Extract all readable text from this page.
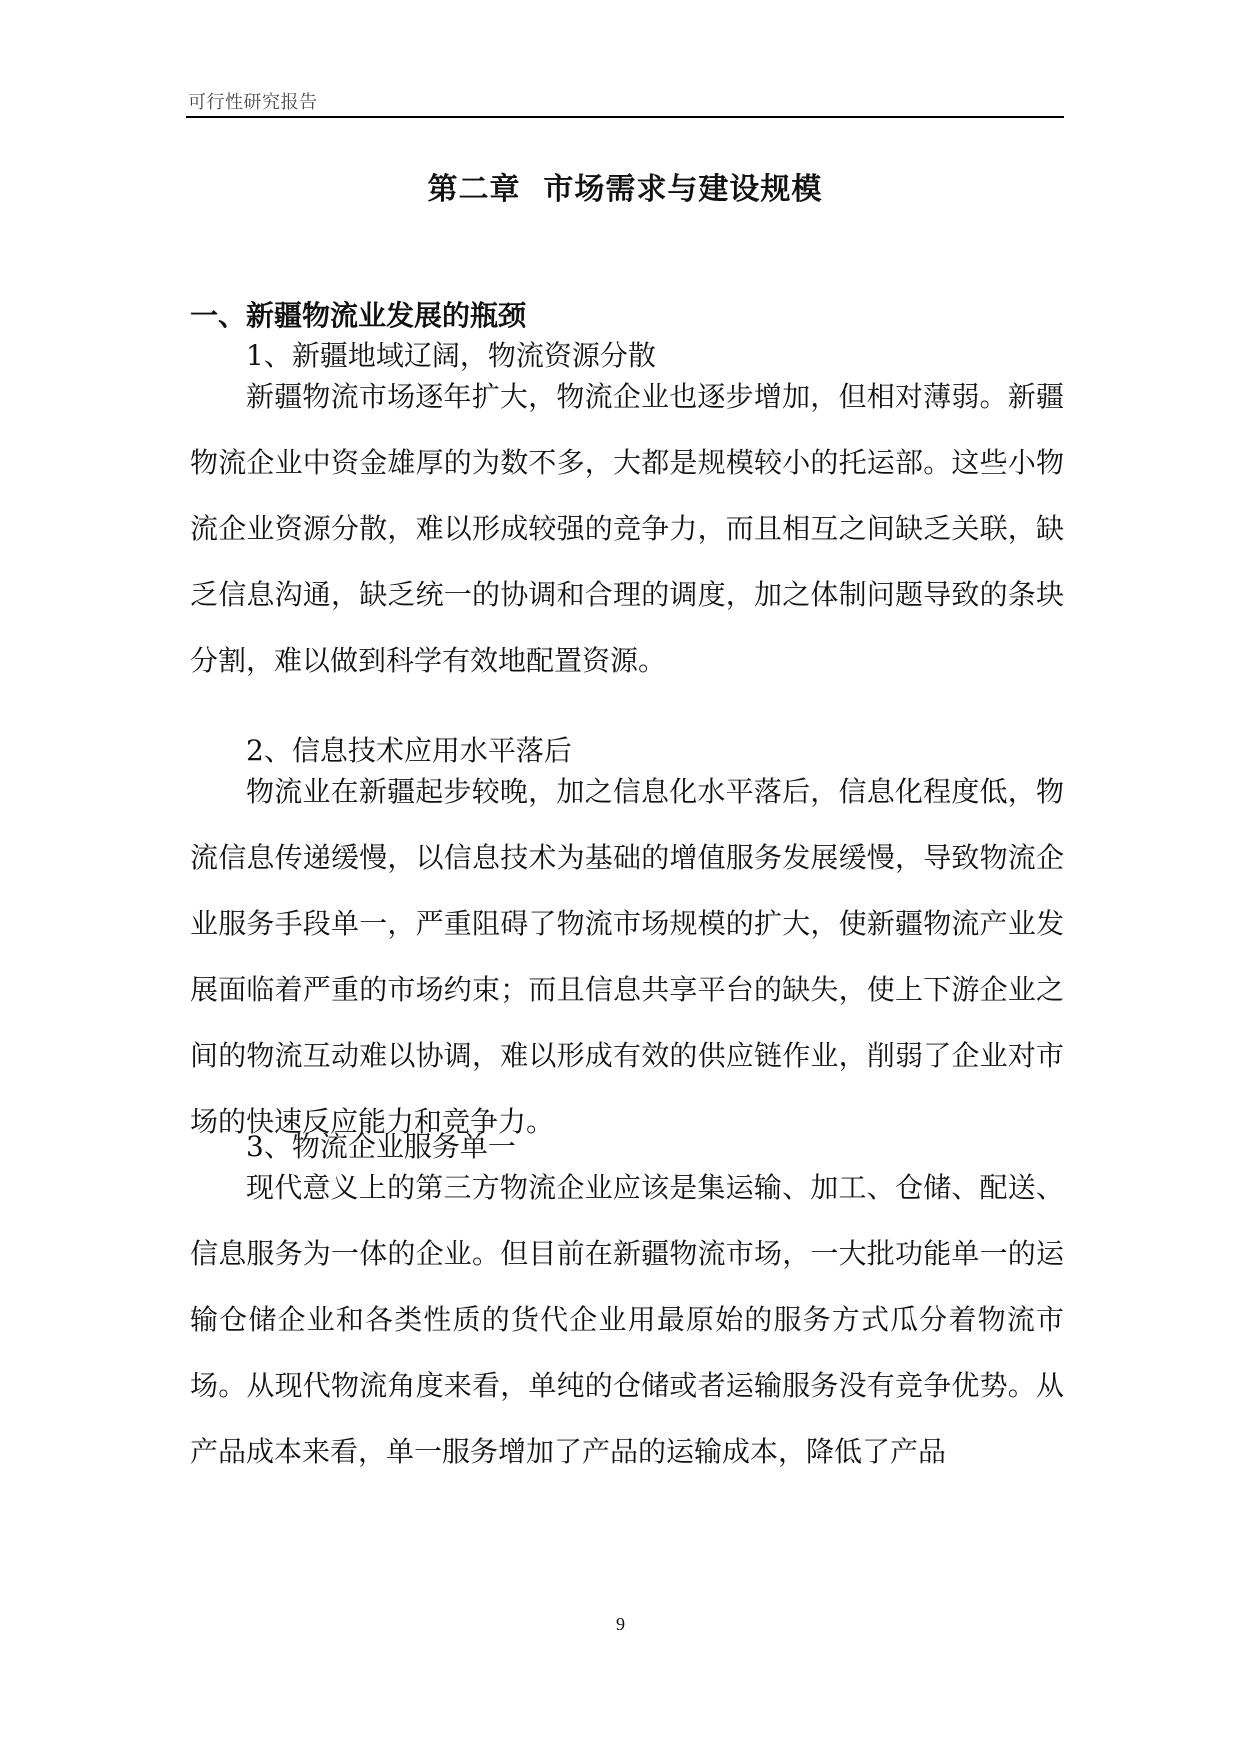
可行性研究报告
第二章  市场需求与建设规模
一、新疆物流业发展的瓶颈
1、新疆地域辽阔，物流资源分散

新疆物流市场逐年扩大，物流企业也逐步增加，但相对薄弱。新疆物流企业中资金雄厚的为数不多，大都是规模较小的托运部。这些小物流企业资源分散，难以形成较强的竞争力，而且相互之间缺乏关联，缺乏信息沟通，缺乏统一的协调和合理的调度，加之体制问题导致的条块分割，难以做到科学有效地配置资源。

2、信息技术应用水平落后

物流业在新疆起步较晚，加之信息化水平落后，信息化程度低，物流信息传递缓慢，以信息技术为基础的增值服务发展缓慢，导致物流企业服务手段单一，严重阻碍了物流市场规模的扩大，使新疆物流产业发展面临着严重的市场约束；而且信息共享平台的缺失，使上下游企业之间的物流互动难以协调，难以形成有效的供应链作业，削弱了企业对市场的快速反应能力和竞争力。

3、物流企业服务单一

现代意义上的第三方物流企业应该是集运输、加工、仓储、配送、信息服务为一体的企业。但目前在新疆物流市场，一大批功能单一的运输仓储企业和各类性质的货代企业用最原始的服务方式瓜分着物流市场。从现代物流角度来看，单纯的仓储或者运输服务没有竞争优势。从产品成本来看，单一服务增加了产品的运输成本，降低了产品

9
